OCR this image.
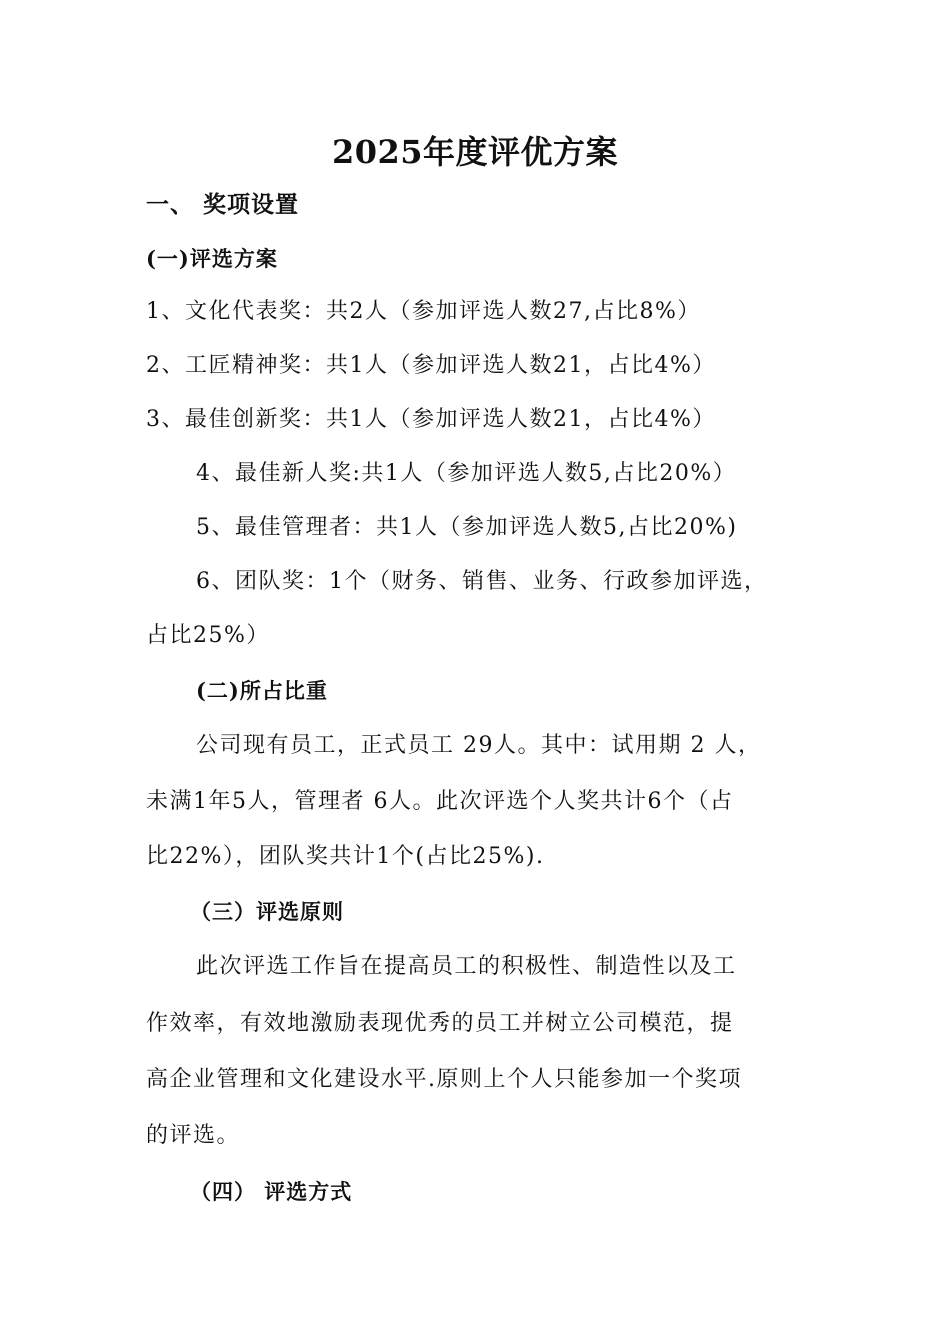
2025年度评优方案
一、 奖项设置
(一)评选方案
1、文化代表奖：共2人（参加评选人数27,占比8%）
2、工匠精神奖：共1人（参加评选人数21，占比4%）
3、最佳创新奖：共1人（参加评选人数21，占比4%）
4、最佳新人奖:共1人（参加评选人数5,占比20%）
5、最佳管理者：共1人（参加评选人数5,占比20%)
6、团队奖：1个（财务、销售、业务、行政参加评选，
占比25%）
(二)所占比重
公司现有员工，正式员工 29人。其中：试用期 2 人，
未满1年5人，管理者 6人。此次评选个人奖共计6个（占
比22%），团队奖共计1个(占比25%).
（三）评选原则
此次评选工作旨在提高员工的积极性、制造性以及工
作效率，有效地激励表现优秀的员工并树立公司模范，提
高企业管理和文化建设水平.原则上个人只能参加一个奖项
的评选。
（四） 评选方式
